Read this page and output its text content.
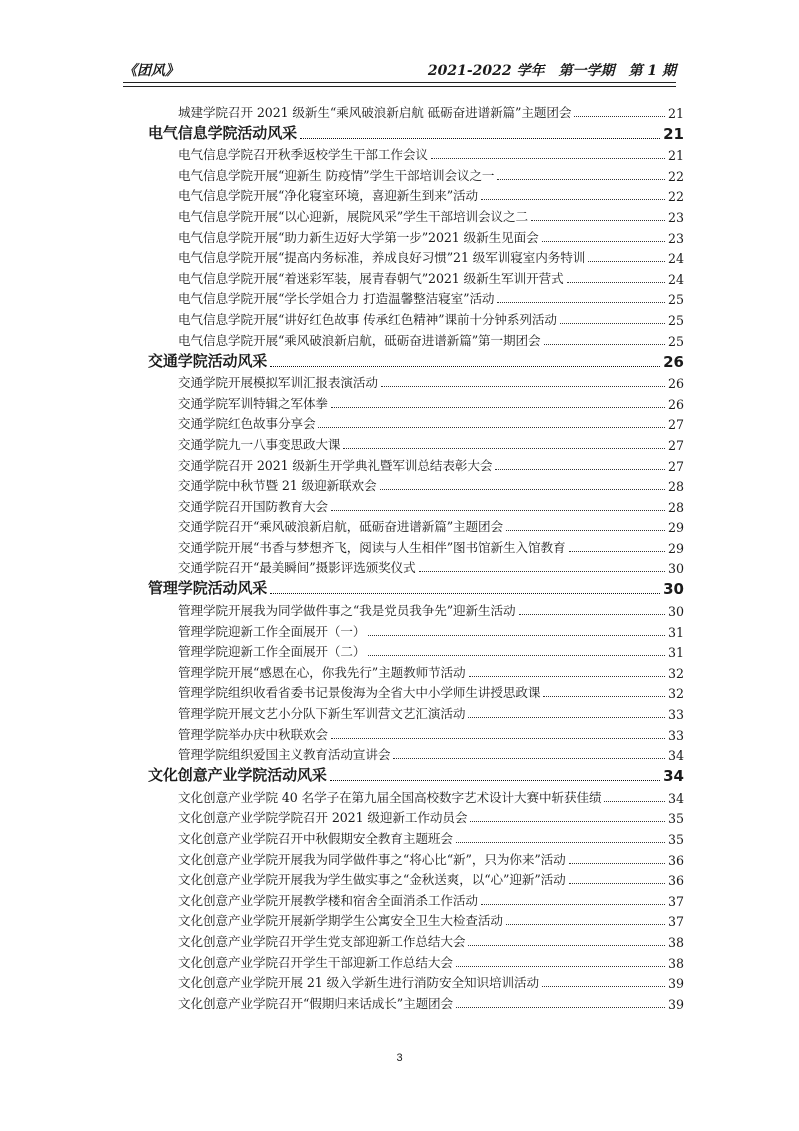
《团风》	2021-2022 学年　第一学期　第 1 期
城建学院召开 2021 级新生“乘风破浪新启航 砥砺奋进谱新篇”主题团会	21
电气信息学院活动风采	21
电气信息学院召开秋季返校学生干部工作会议	21
电气信息学院开展“迎新生 防疫情”学生干部培训会议之一	22
电气信息学院开展“净化寝室环境，喜迎新生到来”活动	22
电气信息学院开展“以心迎新，展院风采”学生干部培训会议之二	23
电气信息学院开展“助力新生迈好大学第一步”2021 级新生见面会	23
电气信息学院开展“提高内务标准，养成良好习惯”21 级军训寝室内务特训	24
电气信息学院开展“着迷彩军装，展青春朝气”2021 级新生军训开营式	24
电气信息学院开展“学长学姐合力 打造温馨整洁寝室”活动	25
电气信息学院开展“讲好红色故事 传承红色精神”课前十分钟系列活动	25
电气信息学院开展“乘风破浪新启航，砥砺奋进谱新篇”第一期团会	25
交通学院活动风采	26
交通学院开展模拟军训汇报表演活动	26
交通学院军训特辑之军体拳	26
交通学院红色故事分享会	27
交通学院九一八事变思政大课	27
交通学院召开 2021 级新生开学典礼暨军训总结表彰大会	27
交通学院中秋节暨 21 级迎新联欢会	28
交通学院召开国防教育大会	28
交通学院召开“乘风破浪新启航，砥砺奋进谱新篇”主题团会	29
交通学院开展“书香与梦想齐飞，阅读与人生相伴”图书馆新生入馆教育	29
交通学院召开“最美瞬间”摄影评选颁奖仪式	30
管理学院活动风采	30
管理学院开展我为同学做件事之“我是党员我争先”迎新生活动	30
管理学院迎新工作全面展开（一）	31
管理学院迎新工作全面展开（二）	31
管理学院开展“感恩在心，你我先行”主题教师节活动	32
管理学院组织收看省委书记景俊海为全省大中小学师生讲授思政课	32
管理学院开展文艺小分队下新生军训营文艺汇演活动	33
管理学院举办庆中秋联欢会	33
管理学院组织爱国主义教育活动宣讲会	34
文化创意产业学院活动风采	34
文化创意产业学院 40 名学子在第九届全国高校数字艺术设计大赛中斩获佳绩	34
文化创意产业学院学院召开 2021 级迎新工作动员会	35
文化创意产业学院召开中秋假期安全教育主题班会	35
文化创意产业学院开展我为同学做件事之“将心比“新”，只为你来”活动	36
文化创意产业学院开展我为学生做实事之“金秋送爽，以“心”迎新”活动	36
文化创意产业学院开展教学楼和宿舍全面消杀工作活动	37
文化创意产业学院开展新学期学生公寓安全卫生大检查活动	37
文化创意产业学院召开学生党支部迎新工作总结大会	38
文化创意产业学院召开学生干部迎新工作总结大会	38
文化创意产业学院开展 21 级入学新生进行消防安全知识培训活动	39
文化创意产业学院召开“假期归来话成长”主题团会	39
3
